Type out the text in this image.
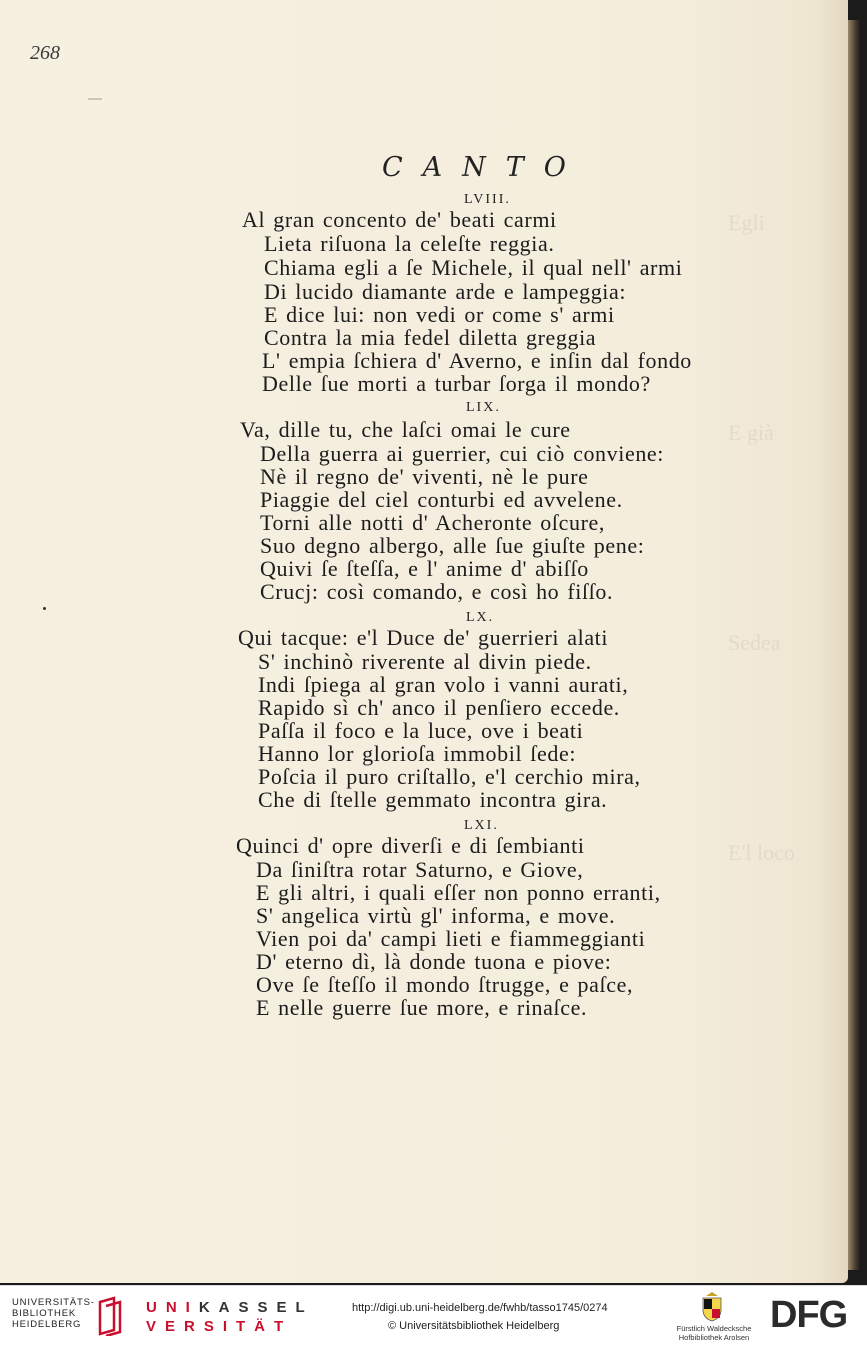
268
CANTO
Egli
E già
Sedea
E'l loco
LVIII.
Al gran concento de' beati carmi
Lieta riſuona la celeſte reggia.
Chiama egli a ſe Michele, il qual nell' armi
Di lucido diamante arde e lampeggia:
E dice lui: non vedi or come s' armi
Contra la mia fedel diletta greggia
L' empia ſchiera d' Averno, e inſin dal fondo
Delle ſue morti a turbar ſorga il mondo?
LIX.
Va, dille tu, che laſci omai le cure
Della guerra ai guerrier, cui ciò conviene:
Nè il regno de' viventi, nè le pure
Piaggie del ciel conturbi ed avvelene.
Torni alle notti d' Acheronte oſcure,
Suo degno albergo, alle ſue giuſte pene:
Quivi ſe ſteſſa, e l' anime d' abiſſo
Crucj: così comando, e così ho fiſſo.
LX.
Qui tacque: e'l Duce de' guerrieri alati
S' inchinò riverente al divin piede.
Indi ſpiega al gran volo i vanni aurati,
Rapido sì ch' anco il penſiero eccede.
Paſſa il foco e la luce, ove i beati
Hanno lor glorioſa immobil ſede:
Poſcia il puro criſtallo, e'l cerchio mira,
Che di ſtelle gemmato incontra gira.
LXI.
Quinci d' opre diverſi e di ſembianti
Da ſiniſtra rotar Saturno, e Giove,
E gli altri, i quali eſſer non ponno erranti,
S' angelica virtù gl' informa, e move.
Vien poi da' campi lieti e fiammeggianti
D' eterno dì, là donde tuona e piove:
Ove ſe ſteſſo il mondo ſtrugge, e paſce,
E nelle guerre ſue more, e rinaſce.
UNIVERSITÄTS-
BIBLIOTHEK
HEIDELBERG
UNIKASSEL
VERSITÄT
http://digi.ub.uni-heidelberg.de/fwhb/tasso1745/0274
© Universitätsbibliothek Heidelberg	Fürstlich Waldecksche
Hofbibliothek Arolsen
DFG
